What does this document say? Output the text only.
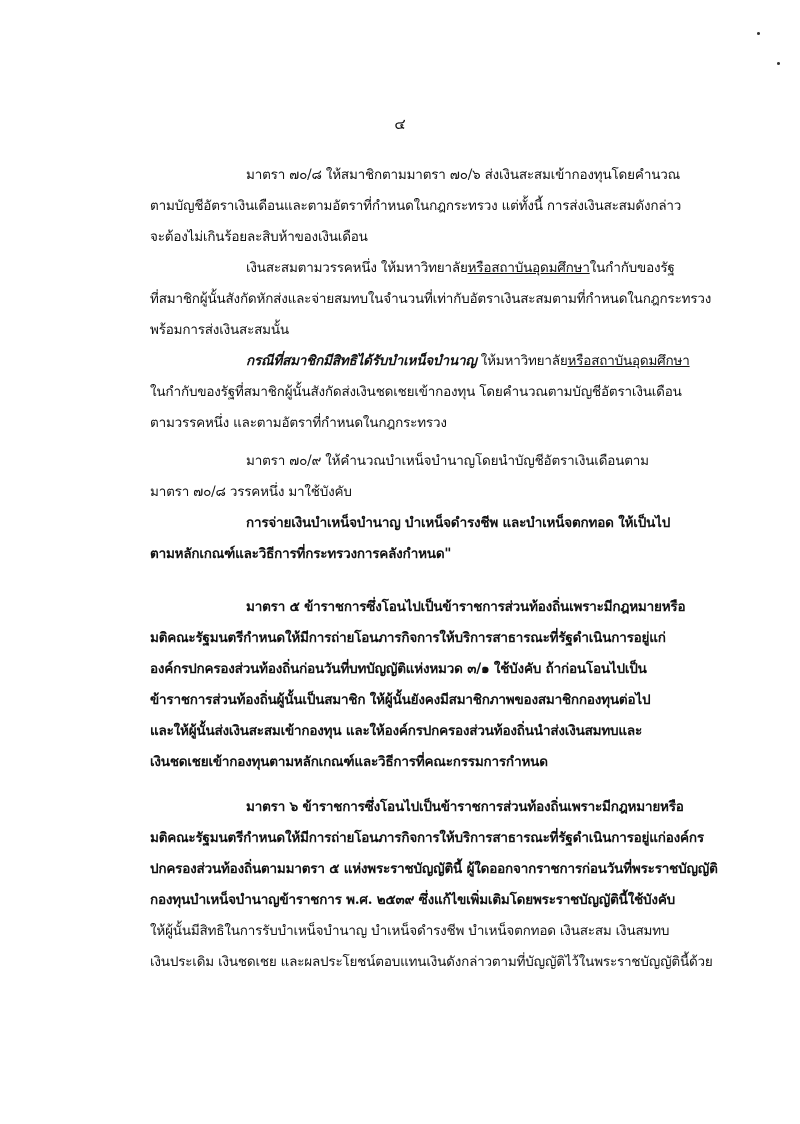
๔
มาตรา ๗๐/๘ ให้สมาชิกตามมาตรา ๗๐/๖ ส่งเงินสะสมเข้ากองทุนโดยคำนวณ
ตามบัญชีอัตราเงินเดือนและตามอัตราที่กำหนดในกฎกระทรวง แต่ทั้งนี้ การส่งเงินสะสมดังกล่าว
จะต้องไม่เกินร้อยละสิบห้าของเงินเดือน
เงินสะสมตามวรรคหนึ่ง ให้มหาวิทยาลัยหรือสถาบันอุดมศึกษาในกำกับของรัฐ
ที่สมาชิกผู้นั้นสังกัดหักส่งและจ่ายสมทบในจำนวนที่เท่ากับอัตราเงินสะสมตามที่กำหนดในกฎกระทรวง
พร้อมการส่งเงินสะสมนั้น
กรณีที่สมาชิกมีสิทธิได้รับบำเหน็จบำนาญ ให้มหาวิทยาลัยหรือสถาบันอุดมศึกษา
ในกำกับของรัฐที่สมาชิกผู้นั้นสังกัดส่งเงินชดเชยเข้ากองทุน โดยคำนวณตามบัญชีอัตราเงินเดือน
ตามวรรคหนึ่ง และตามอัตราที่กำหนดในกฎกระทรวง
มาตรา ๗๐/๙ ให้คำนวณบำเหน็จบำนาญโดยนำบัญชีอัตราเงินเดือนตาม
มาตรา ๗๐/๘ วรรคหนึ่ง มาใช้บังคับ
การจ่ายเงินบำเหน็จบำนาญ บำเหน็จดำรงชีพ และบำเหน็จตกทอด ให้เป็นไป
ตามหลักเกณฑ์และวิธีการที่กระทรวงการคลังกำหนด"
มาตรา ๕ ข้าราชการซึ่งโอนไปเป็นข้าราชการส่วนท้องถิ่นเพราะมีกฎหมายหรือ
มติคณะรัฐมนตรีกำหนดให้มีการถ่ายโอนภารกิจการให้บริการสาธารณะที่รัฐดำเนินการอยู่แก่
องค์กรปกครองส่วนท้องถิ่นก่อนวันที่บทบัญญัติแห่งหมวด ๓/๑ ใช้บังคับ ถ้าก่อนโอนไปเป็น
ข้าราชการส่วนท้องถิ่นผู้นั้นเป็นสมาชิก ให้ผู้นั้นยังคงมีสมาชิกภาพของสมาชิกกองทุนต่อไป
และให้ผู้นั้นส่งเงินสะสมเข้ากองทุน และให้องค์กรปกครองส่วนท้องถิ่นนำส่งเงินสมทบและ
เงินชดเชยเข้ากองทุนตามหลักเกณฑ์และวิธีการที่คณะกรรมการกำหนด
มาตรา ๖ ข้าราชการซึ่งโอนไปเป็นข้าราชการส่วนท้องถิ่นเพราะมีกฎหมายหรือ
มติคณะรัฐมนตรีกำหนดให้มีการถ่ายโอนภารกิจการให้บริการสาธารณะที่รัฐดำเนินการอยู่แก่องค์กร
ปกครองส่วนท้องถิ่นตามมาตรา ๕ แห่งพระราชบัญญัตินี้ ผู้ใดออกจากราชการก่อนวันที่พระราชบัญญัติ
กองทุนบำเหน็จบำนาญข้าราชการ พ.ศ. ๒๕๓๙ ซึ่งแก้ไขเพิ่มเติมโดยพระราชบัญญัตินี้ใช้บังคับ
ให้ผู้นั้นมีสิทธิในการรับบำเหน็จบำนาญ บำเหน็จดำรงชีพ บำเหน็จตกทอด เงินสะสม เงินสมทบ
เงินประเดิม เงินชดเชย และผลประโยชน์ตอบแทนเงินดังกล่าวตามที่บัญญัติไว้ในพระราชบัญญัตินี้ด้วย
